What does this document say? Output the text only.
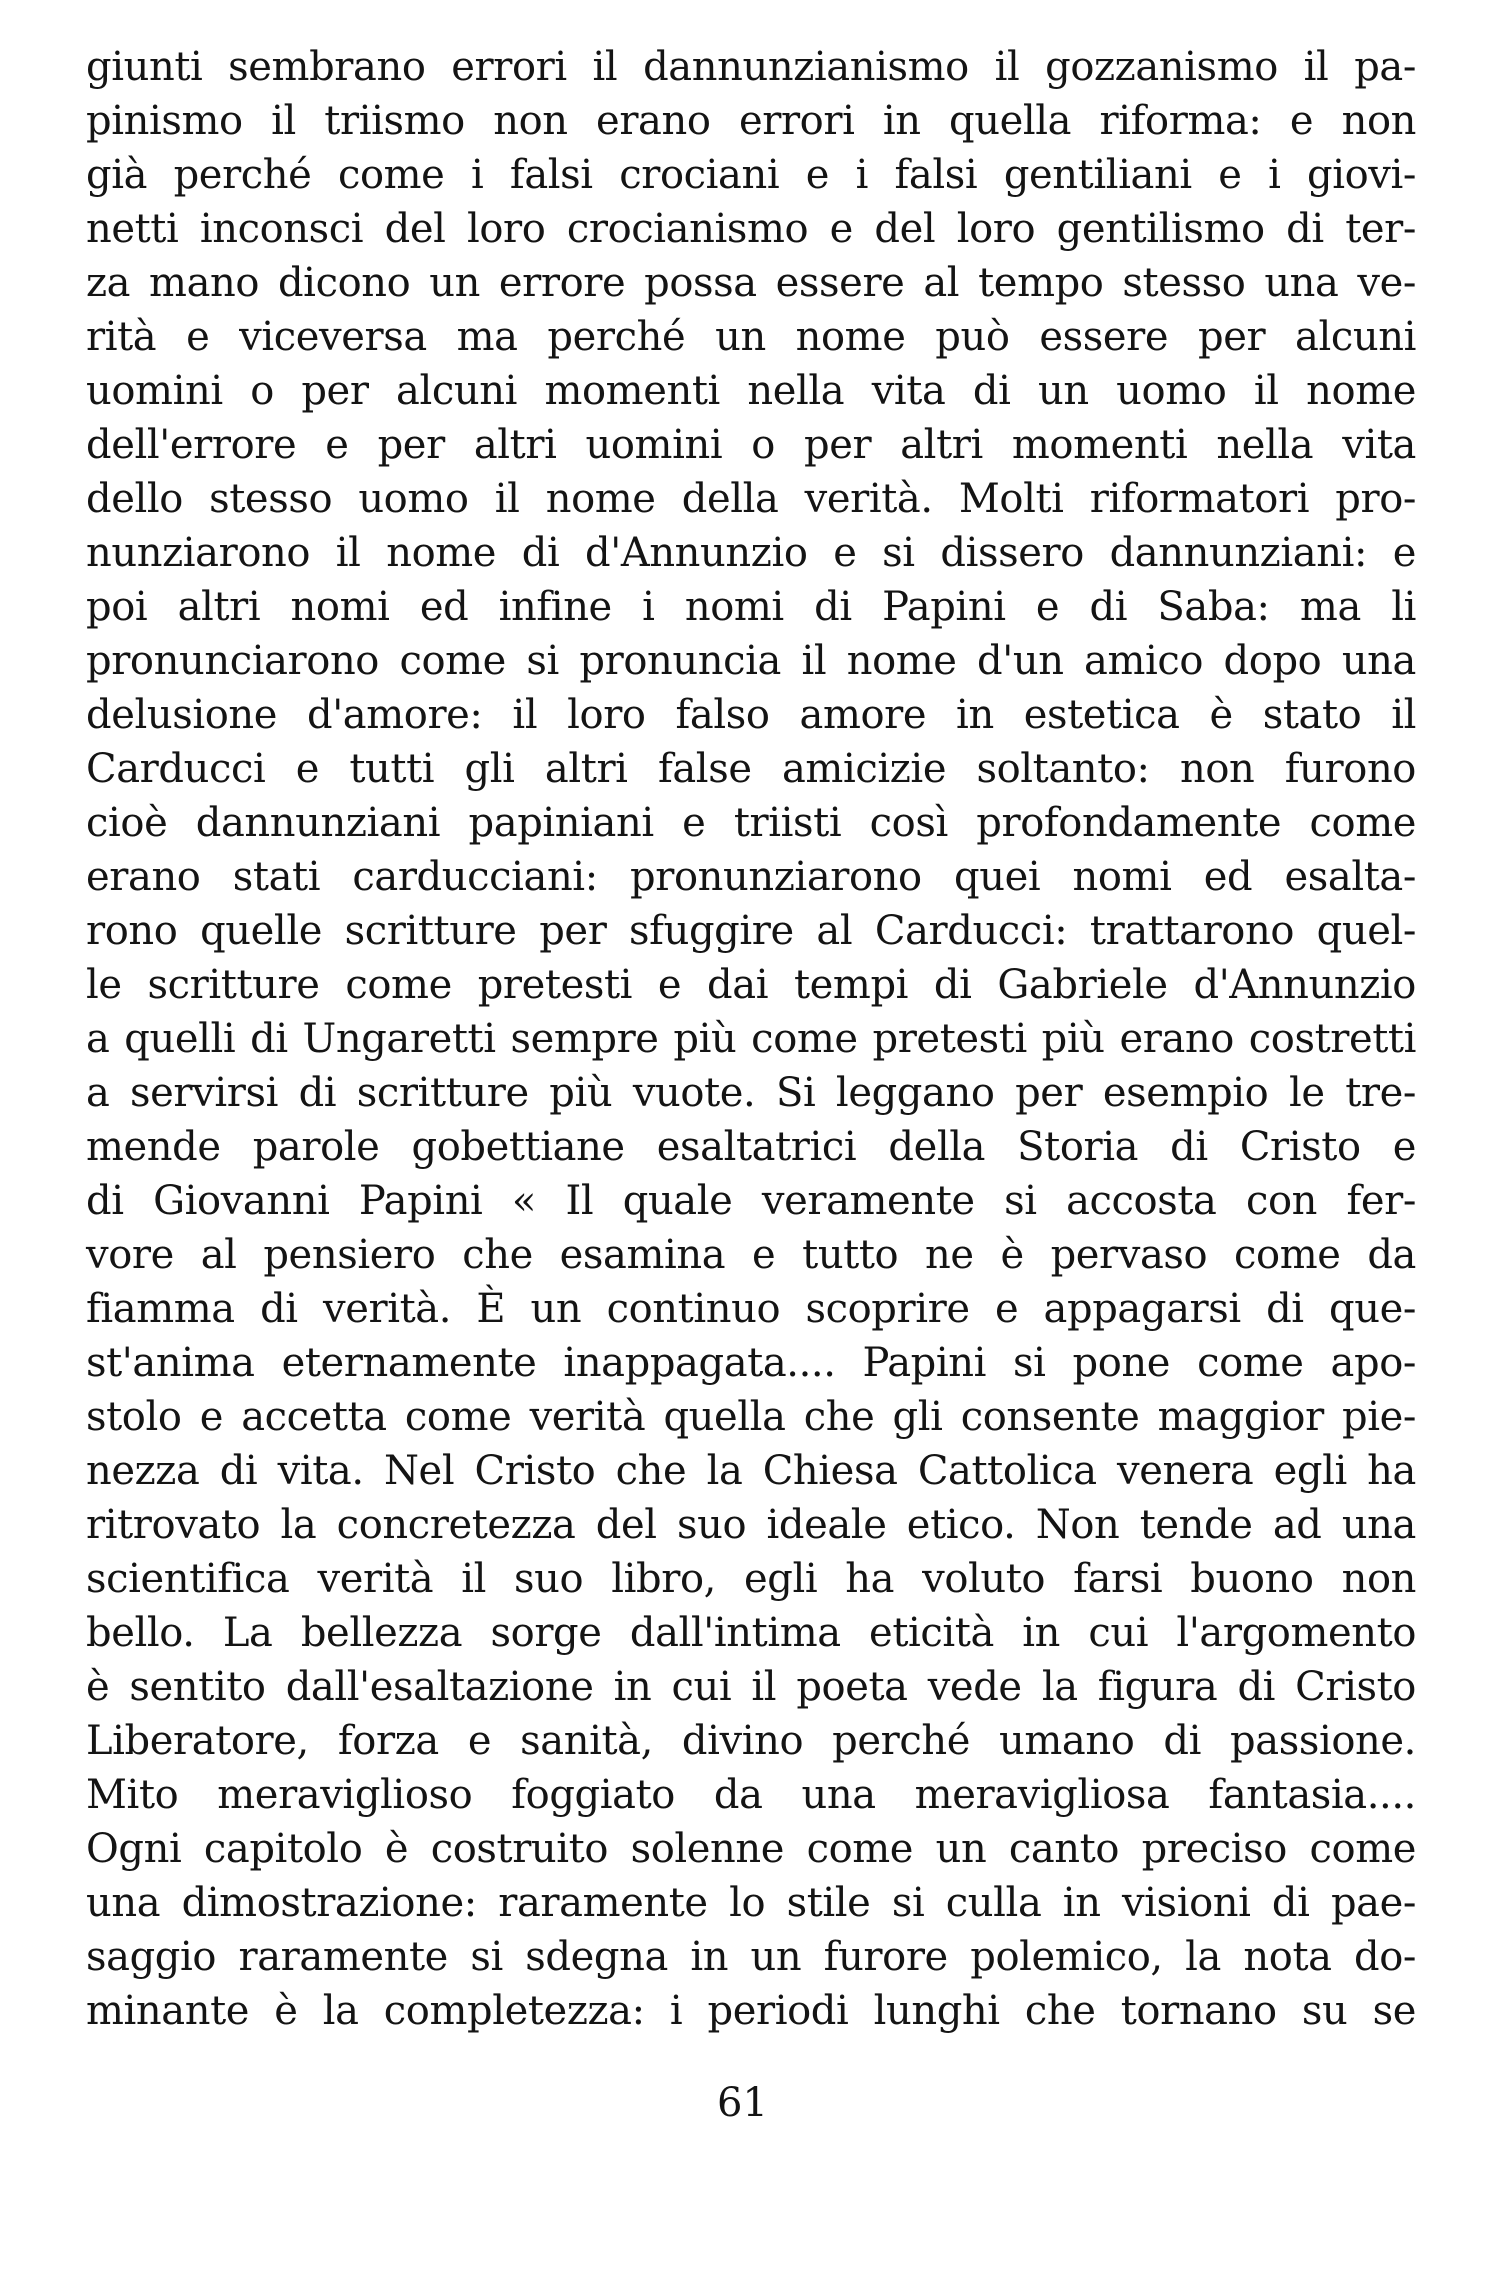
giunti sembrano errori il dannunzianismo il gozzanismo il pa-
pinismo il triismo non erano errori in quella riforma: e non
già perché come i falsi crociani e i falsi gentiliani e i giovi-
netti inconsci del loro crocianismo e del loro gentilismo di ter-
za mano dicono un errore possa essere al tempo stesso una ve-
rità e viceversa ma perché un nome può essere per alcuni
uomini o per alcuni momenti nella vita di un uomo il nome
dell'errore e per altri uomini o per altri momenti nella vita
dello stesso uomo il nome della verità. Molti riformatori pro-
nunziarono il nome di d'Annunzio e si dissero dannunziani: e
poi altri nomi ed infine i nomi di Papini e di Saba: ma li
pronunciarono come si pronuncia il nome d'un amico dopo una
delusione d'amore: il loro falso amore in estetica è stato il
Carducci e tutti gli altri false amicizie soltanto: non furono
cioè dannunziani papiniani e triisti così profondamente come
erano stati carducciani: pronunziarono quei nomi ed esalta-
rono quelle scritture per sfuggire al Carducci: trattarono quel-
le scritture come pretesti e dai tempi di Gabriele d'Annunzio
a quelli di Ungaretti sempre più come pretesti più erano costretti
a servirsi di scritture più vuote. Si leggano per esempio le tre-
mende parole gobettiane esaltatrici della Storia di Cristo e
di Giovanni Papini « Il quale veramente si accosta con fer-
vore al pensiero che esamina e tutto ne è pervaso come da
fiamma di verità. È un continuo scoprire e appagarsi di que-
st'anima eternamente inappagata.... Papini si pone come apo-
stolo e accetta come verità quella che gli consente maggior pie-
nezza di vita. Nel Cristo che la Chiesa Cattolica venera egli ha
ritrovato la concretezza del suo ideale etico. Non tende ad una
scientifica verità il suo libro, egli ha voluto farsi buono non
bello. La bellezza sorge dall'intima eticità in cui l'argomento
è sentito dall'esaltazione in cui il poeta vede la figura di Cristo
Liberatore, forza e sanità, divino perché umano di passione.
Mito meraviglioso foggiato da una meravigliosa fantasia....
Ogni capitolo è costruito solenne come un canto preciso come
una dimostrazione: raramente lo stile si culla in visioni di pae-
saggio raramente si sdegna in un furore polemico, la nota do-
minante è la completezza: i periodi lunghi che tornano su se
61
